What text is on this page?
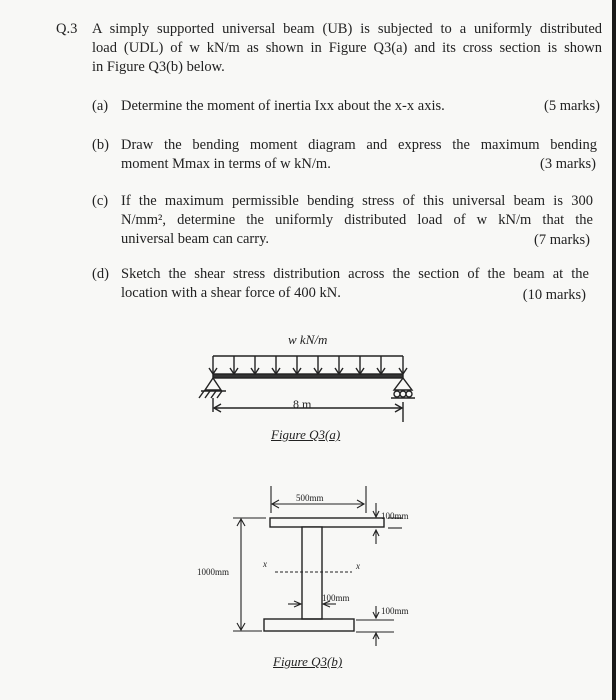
Q.3 A simply supported universal beam (UB) is subjected to a uniformly distributed
load (UDL) of w kN/m as shown in Figure Q3(a) and its cross section is shown
in Figure Q3(b) below.
(a) Determine the moment of inertia Ixx about the x-x axis.	(5 marks)
(b) Draw the bending moment diagram and express the maximum bending
moment Mmax in terms of w kN/m.	(3 marks)
(c) If the maximum permissible bending stress of this universal beam is 300
N/mm², determine the uniformly distributed load of w kN/m that the
universal beam can carry.	(7 marks)
(d) Sketch the shear stress distribution across the section of the beam at the
location with a shear force of 400 kN.	(10 marks)
w kN/m
8 m
Figure Q3(a)
500mm
100mm
1000mm
x	x
100mm
100mm
Figure Q3(b)
